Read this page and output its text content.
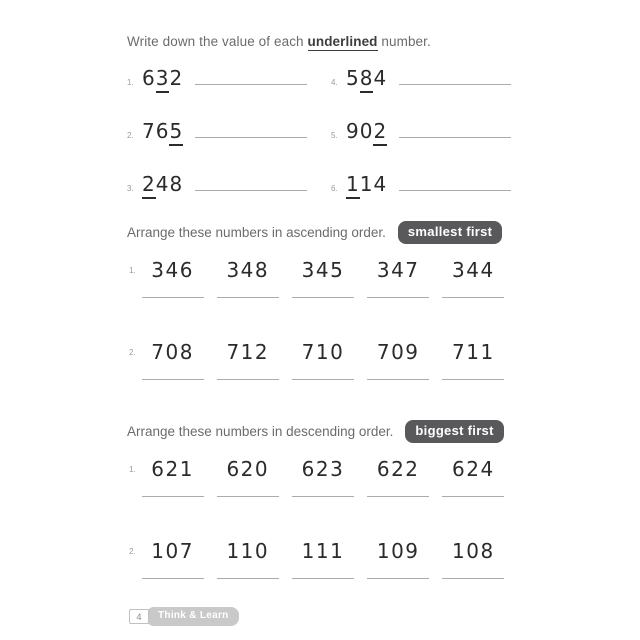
Write down the value of each underlined number.
1. 632	4. 584
2. 765	5. 902
3. 248	6. 114
Arrange these numbers in ascending order.	smallest first
1. 346	348	345	347	344
2. 708	712	710	709	711
Arrange these numbers in descending order.	biggest first
1. 621	620	623	622	624
2. 107	110	111	109	108
4	Think & Learn
